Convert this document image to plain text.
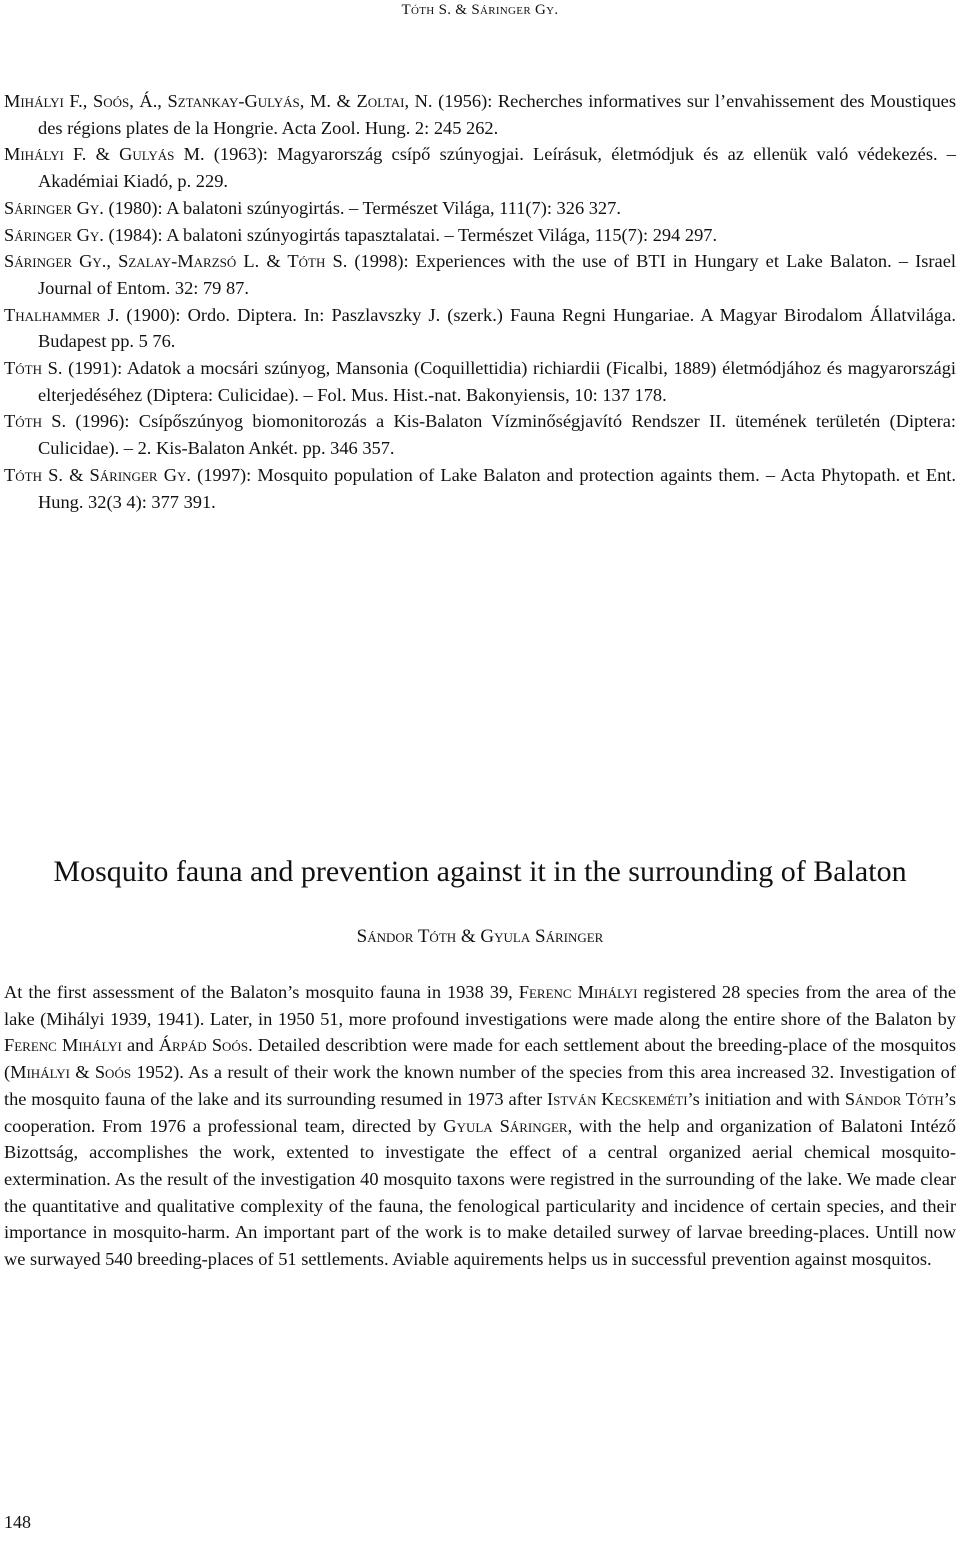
Tóth S. & Sáringer Gy.
Mihályi F., Soós, Á., Sztankay-Gulyás, M. & Zoltai, N. (1956): Recherches informatives sur l’envahissement des Moustiques des régions plates de la Hongrie. Acta Zool. Hung. 2: 245 262.
Mihályi F. & Gulyás M. (1963): Magyarország csípő szúnyogjai. Leírásuk, életmódjuk és az ellenük való védekezés. – Akadémiai Kiadó, p. 229.
Sáringer Gy. (1980): A balatoni szúnyogirtás. – Természet Világa, 111(7): 326 327.
Sáringer Gy. (1984): A balatoni szúnyogirtás tapasztalatai. – Természet Világa, 115(7): 294 297.
Sáringer Gy., Szalay-Marzsó L. & Tóth S. (1998): Experiences with the use of BTI in Hungary et Lake Balaton. – Israel Journal of Entom. 32: 79 87.
Thalhammer J. (1900): Ordo. Diptera. In: Paszlavszky J. (szerk.) Fauna Regni Hungariae. A Magyar Birodalom Állatvilága. Budapest pp. 5 76.
Tóth S. (1991): Adatok a mocsári szúnyog, Mansonia (Coquillettidia) richiardii (Ficalbi, 1889) életmódjához és magyarországi elterjedéséhez (Diptera: Culicidae). – Fol. Mus. Hist.-nat. Bakonyiensis, 10: 137 178.
Tóth S. (1996): Csípőszúnyog biomonitorozás a Kis-Balaton Vízminőségjavító Rendszer II. ütemének területén (Diptera: Culicidae). – 2. Kis-Balaton Ankét. pp. 346 357.
Tóth S. & Sáringer Gy. (1997): Mosquito population of Lake Balaton and protection againts them. – Acta Phytopath. et Ent. Hung. 32(3 4): 377 391.
Mosquito fauna and prevention against it in the surrounding of Balaton
Sándor Tóth & Gyula Sáringer

At the first assessment of the Balaton’s mosquito fauna in 1938 39, Ferenc Mihályi registered 28 species from the area of the lake (Mihályi 1939, 1941). Later, in 1950 51, more profound investigations were made along the entire shore of the Balaton by Ferenc Mihályi and Árpád Soós. Detailed describtion were made for each settlement about the breeding-place of the mosquitos (Mihályi & Soós 1952). As a result of their work the known number of the species from this area increased 32. Investigation of the mosquito fauna of the lake and its surrounding resumed in 1973 after István Kecskeméti’s initiation and with Sándor Tóth’s cooperation. From 1976 a professional team, directed by Gyula Sáringer, with the help and organization of Balatoni Intéző Bizottság, accomplishes the work, extented to investigate the effect of a central organized aerial chemical mosquito-extermination. As the result of the investigation 40 mosquito taxons were registred in the surrounding of the lake. We made clear the quantitative and qualitative complexity of the fauna, the fenological particularity and incidence of certain species, and their importance in mosquito-harm. An important part of the work is to make detailed surwey of larvae breeding-places. Untill now we surwayed 540 breeding-places of 51 settlements. Aviable aquirements helps us in successful prevention against mosquitos.

148
